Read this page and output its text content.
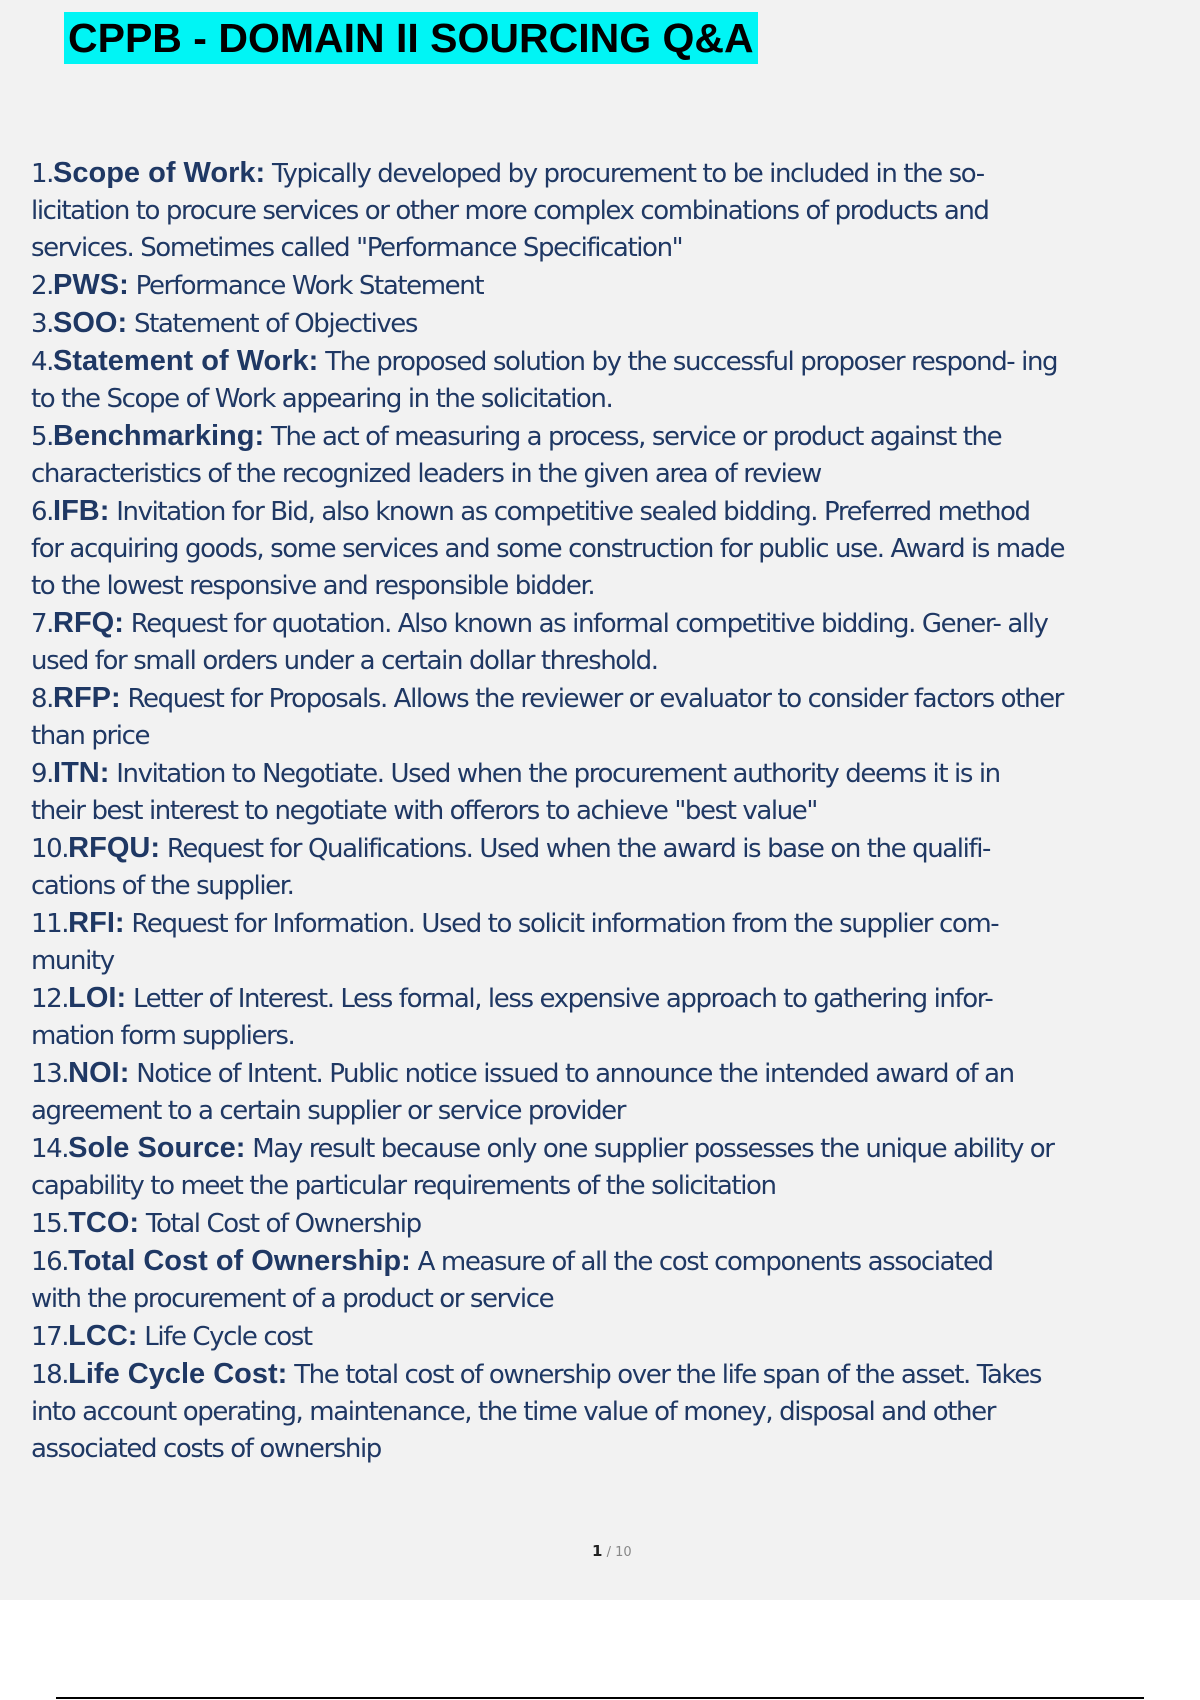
CPPB - DOMAIN II SOURCING Q&A
1.Scope of Work: Typically developed by procurement to be included in the so-
licitation to procure services or other more complex combinations of products and
services. Sometimes called "Performance Specification"
2.PWS: Performance Work Statement
3.SOO: Statement of Objectives
4.Statement of Work: The proposed solution by the successful proposer respond- ing
to the Scope of Work appearing in the solicitation.
5.Benchmarking: The act of measuring a process, service or product against the
characteristics of the recognized leaders in the given area of review
6.IFB: Invitation for Bid, also known as competitive sealed bidding. Preferred method
for acquiring goods, some services and some construction for public use. Award is made
to the lowest responsive and responsible bidder.
7.RFQ: Request for quotation. Also known as informal competitive bidding. Gener- ally
used for small orders under a certain dollar threshold.
8.RFP: Request for Proposals. Allows the reviewer or evaluator to consider factors other
than price
9.ITN: Invitation to Negotiate. Used when the procurement authority deems it is in
their best interest to negotiate with offerors to achieve "best value"
10.RFQU: Request for Qualifications. Used when the award is base on the qualifi-
cations of the supplier.
11.RFI: Request for Information. Used to solicit information from the supplier com-
munity
12.LOI: Letter of Interest. Less formal, less expensive approach to gathering infor-
mation form suppliers.
13.NOI: Notice of Intent. Public notice issued to announce the intended award of an
agreement to a certain supplier or service provider
14.Sole Source: May result because only one supplier possesses the unique ability or
capability to meet the particular requirements of the solicitation
15.TCO: Total Cost of Ownership
16.Total Cost of Ownership: A measure of all the cost components associated
with the procurement of a product or service
17.LCC: Life Cycle cost
18.Life Cycle Cost: The total cost of ownership over the life span of the asset. Takes
into account operating, maintenance, the time value of money, disposal and other
associated costs of ownership
1 / 10
